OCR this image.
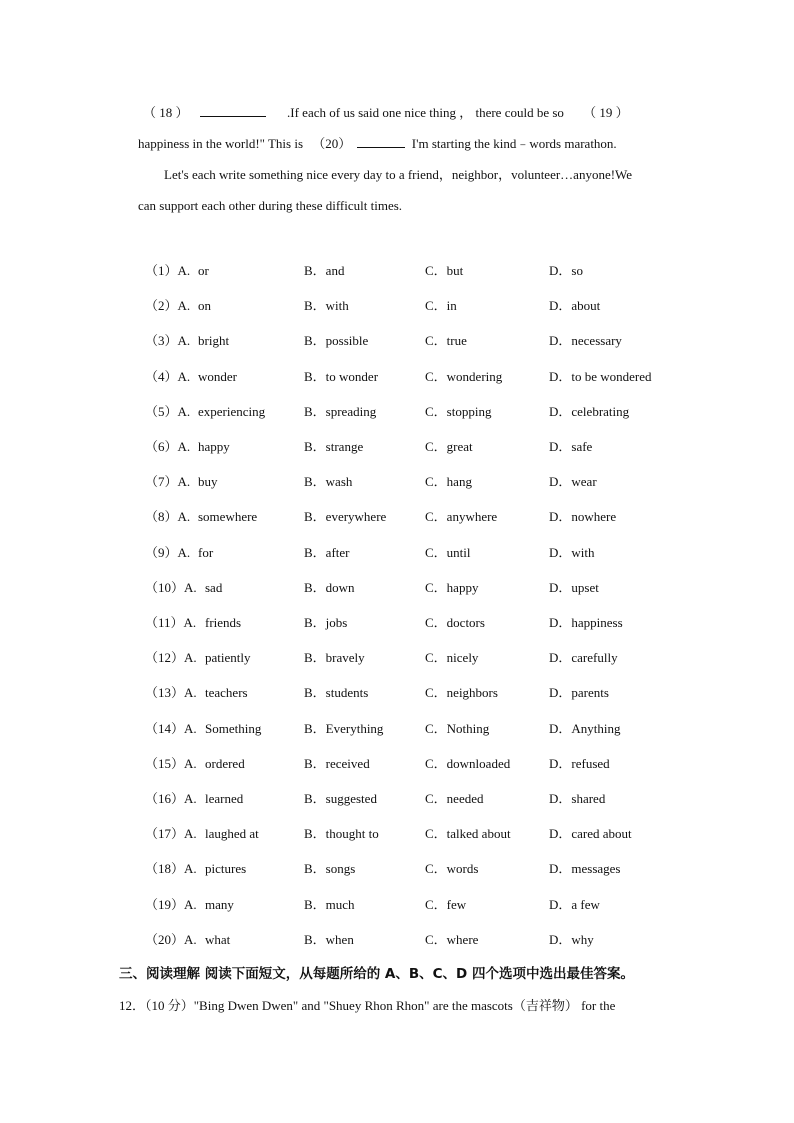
（ 18 ）	.If each of us said one nice thing ， there could be so （ 19 ）
happiness in the world!" This is （20）	I'm starting the kind﹣words marathon.
Let's each write something nice every day to a friend，neighbor，volunteer…anyone!We
can support each other during these difficult times.
（1）A. or	B．and	C．but	D．so
（2）A. on	B．with	C．in	D．about
（3）A. bright	B．possible	C．true	D．necessary
（4）A. wonder	B．to wonder	C．wondering	D．to be wondered
（5）A. experiencing	B．spreading	C．stopping	D．celebrating
（6）A. happy	B．strange	C．great	D．safe
（7）A. buy	B．wash	C．hang	D．wear
（8）A. somewhere	B．everywhere	C．anywhere	D．nowhere
（9）A. for	B．after	C．until	D．with
（10）A. sad	B．down	C．happy	D．upset
（11）A. friends	B．jobs	C．doctors	D．happiness
（12）A. patiently	B．bravely	C．nicely	D．carefully
（13）A. teachers	B．students	C．neighbors	D．parents
（14）A. Something	B．Everything	C．Nothing	D．Anything
（15）A. ordered	B．received	C．downloaded	D．refused
（16）A. learned	B．suggested	C．needed	D．shared
（17）A. laughed at	B．thought to	C．talked about	D．cared about
（18）A. pictures	B．songs	C．words	D．messages
（19）A. many	B．much	C．few	D．a few
（20）A. what	B．when	C．where	D．why
三、阅读理解 阅读下面短文，从每题所给的 A、B、C、D 四个选项中选出最佳答案。
12．（10 分）"Bing Dwen Dwen" and "Shuey Rhon Rhon" are the mascots（吉祥物） for the
